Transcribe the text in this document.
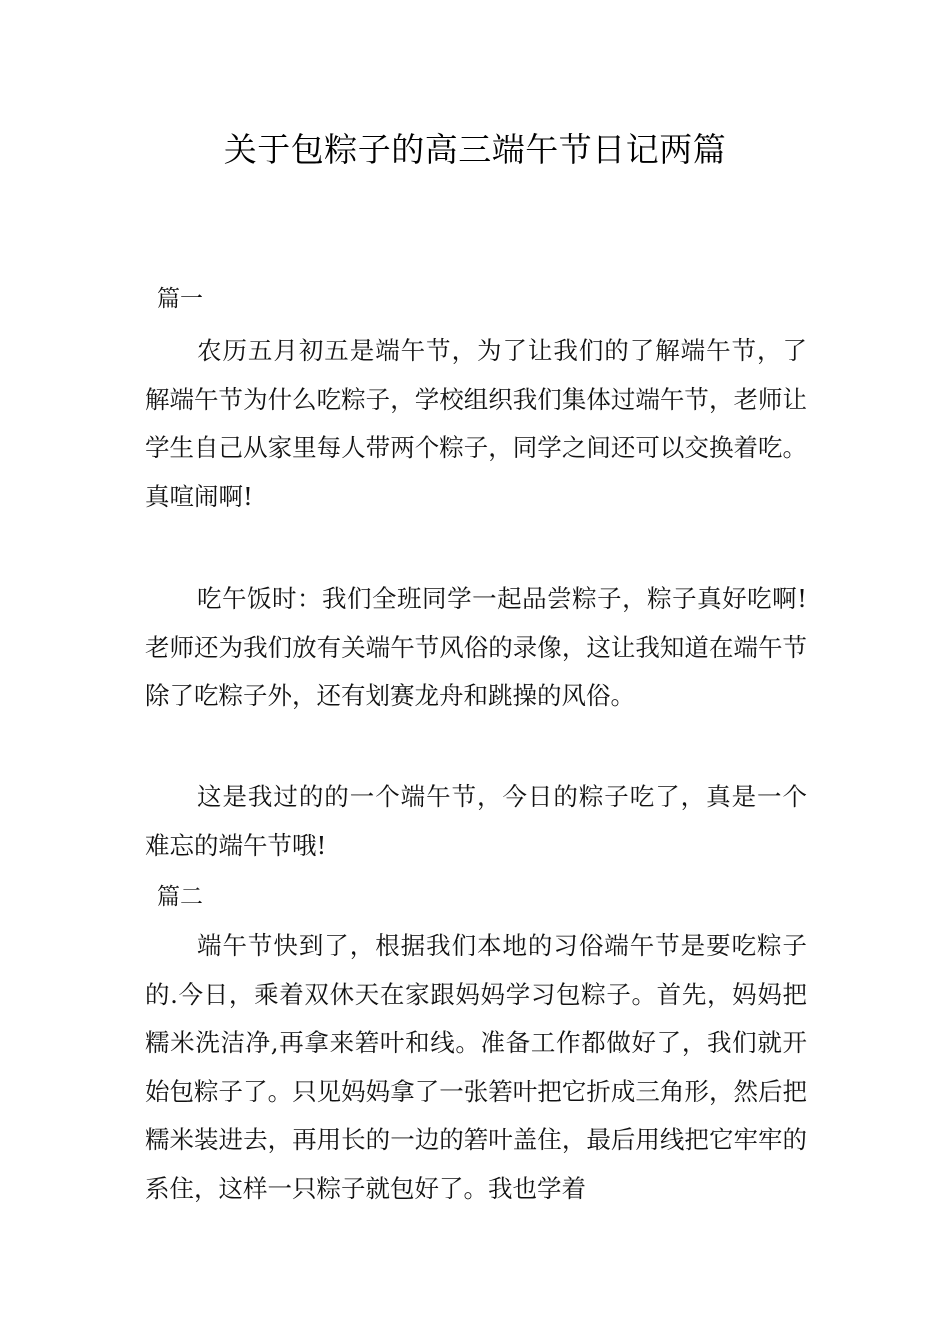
关于包粽子的高三端午节日记两篇
篇一

农历五月初五是端午节，为了让我们的了解端午节，了解端午节为什么吃粽子，学校组织我们集体过端午节，老师让学生自己从家里每人带两个粽子，同学之间还可以交换着吃。真喧闹啊!

吃午饭时：我们全班同学一起品尝粽子，粽子真好吃啊!老师还为我们放有关端午节风俗的录像，这让我知道在端午节除了吃粽子外，还有划赛龙舟和跳操的风俗。

这是我过的的一个端午节，今日的粽子吃了，真是一个难忘的端午节哦!

篇二

端午节快到了，根据我们本地的习俗端午节是要吃粽子的.今日，乘着双休天在家跟妈妈学习包粽子。首先，妈妈把糯米洗洁净,再拿来箬叶和线。准备工作都做好了，我们就开始包粽子了。只见妈妈拿了一张箬叶把它折成三角形，然后把糯米装进去，再用长的一边的箬叶盖住，最后用线把它牢牢的系住，这样一只粽子就包好了。我也学着
